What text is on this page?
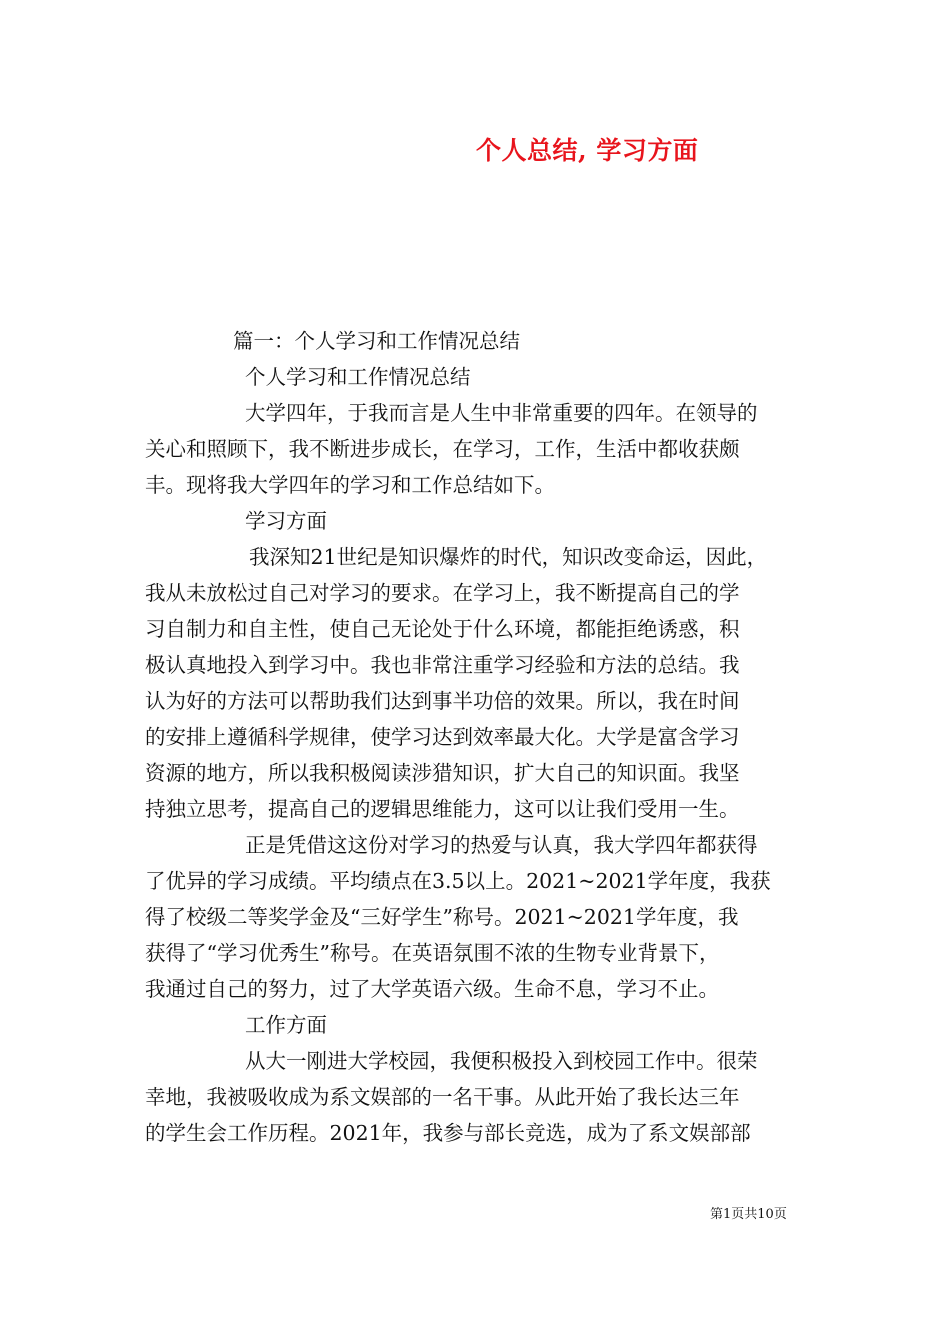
个人总结, 学习方面
篇一：个人学习和工作情况总结
个人学习和工作情况总结
大学四年，于我而言是人生中非常重要的四年。在领导的
关心和照顾下，我不断进步成长，在学习，工作，生活中都收获颇
丰。现将我大学四年的学习和工作总结如下。
学习方面
我深知21世纪是知识爆炸的时代，知识改变命运，因此，
我从未放松过自己对学习的要求。在学习上，我不断提高自己的学
习自制力和自主性，使自己无论处于什么环境，都能拒绝诱惑，积
极认真地投入到学习中。我也非常注重学习经验和方法的总结。我
认为好的方法可以帮助我们达到事半功倍的效果。所以，我在时间
的安排上遵循科学规律，使学习达到效率最大化。大学是富含学习
资源的地方，所以我积极阅读涉猎知识，扩大自己的知识面。我坚
持独立思考，提高自己的逻辑思维能力，这可以让我们受用一生。
正是凭借这这份对学习的热爱与认真，我大学四年都获得
了优异的学习成绩。平均绩点在3.5以上。2021~2021学年度，我获
得了校级二等奖学金及“三好学生”称号。2021~2021学年度，我
获得了“学习优秀生”称号。在英语氛围不浓的生物专业背景下，
我通过自己的努力，过了大学英语六级。生命不息，学习不止。
工作方面
从大一刚进大学校园，我便积极投入到校园工作中。很荣
幸地，我被吸收成为系文娱部的一名干事。从此开始了我长达三年
的学生会工作历程。2021年，我参与部长竞选，成为了系文娱部部
第1页共10页
